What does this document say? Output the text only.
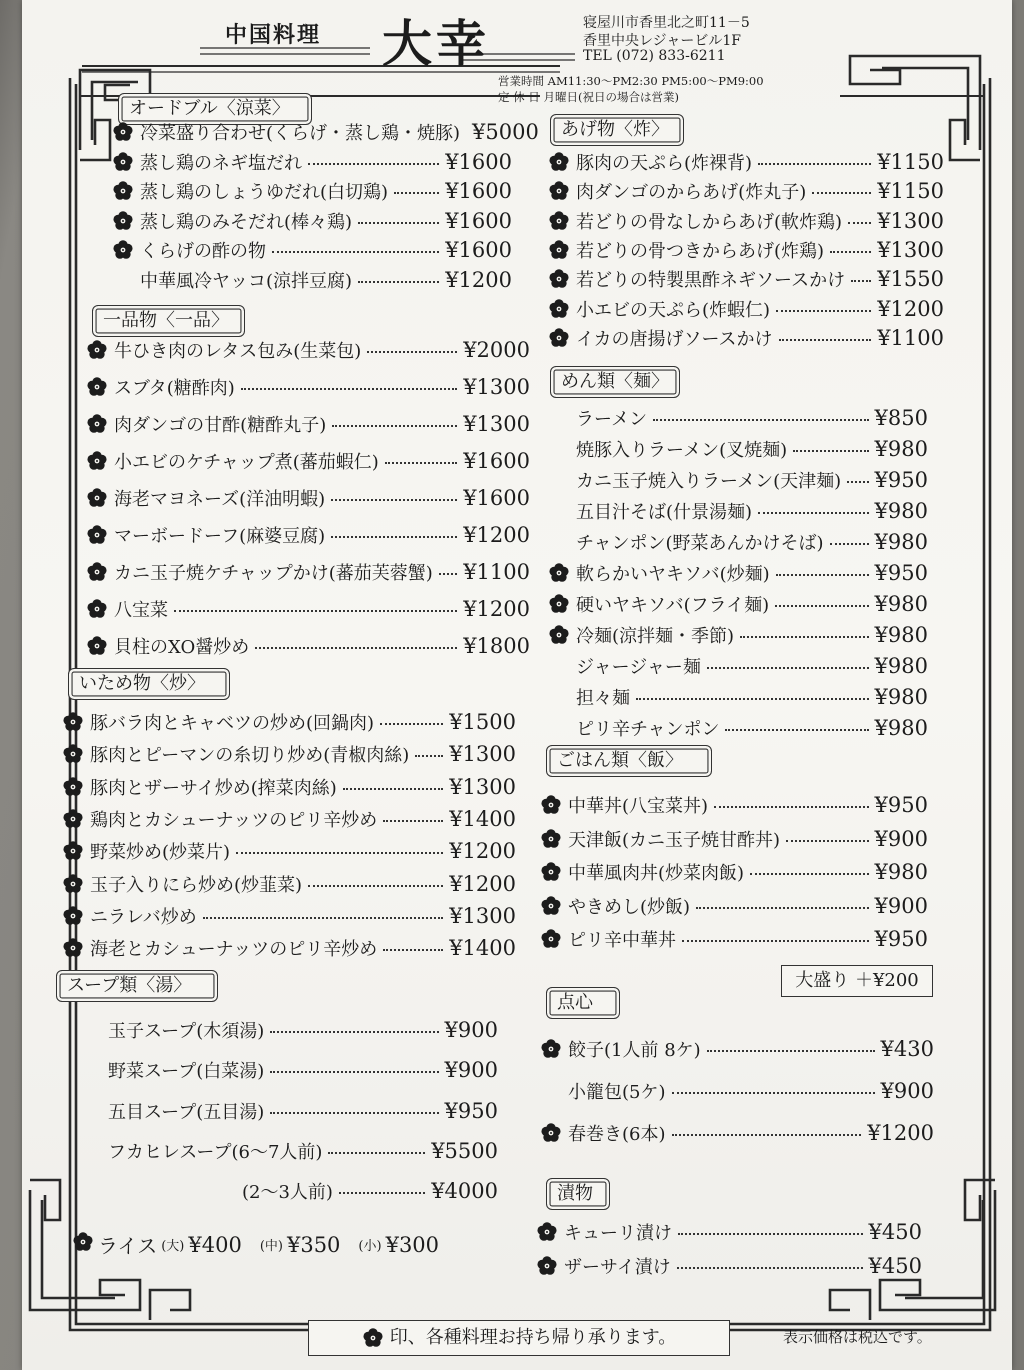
中国料理 大幸	寝屋川市香里北之町11－5
香里中央レジャービル1F
TEL (072) 833-6211
営業時間 AM11:30〜PM2:30 PM5:00〜PM9:00
定 休 日 月曜日(祝日の場合は営業)
オードブル〈涼菜〉
冷菜盛り合わせ(くらげ・蒸し鶏・焼豚) ¥5000
蒸し鶏のネギ塩だれ	¥1600
蒸し鶏のしょうゆだれ(白切鶏)	¥1600
蒸し鶏のみそだれ(棒々鶏)	¥1600
くらげの酢の物	¥1600
中華風冷ヤッコ(涼拌豆腐)	¥1200
一品物〈一品〉
牛ひき肉のレタス包み(生菜包)	¥2000
スブタ(糖酢肉)	¥1300
肉ダンゴの甘酢(糖酢丸子)	¥1300
小エビのケチャップ煮(蕃茄蝦仁)	¥1600
海老マヨネーズ(洋油明蝦)	¥1600
マーボードーフ(麻婆豆腐)	¥1200
カニ玉子焼ケチャップかけ(蕃茄芙蓉蟹) ¥1100
八宝菜	¥1200
貝柱のXO醤炒め	¥1800
いため物〈炒〉
豚バラ肉とキャベツの炒め(回鍋肉)	¥1500
豚肉とピーマンの糸切り炒め(青椒肉絲) ¥1300
豚肉とザーサイ炒め(搾菜肉絲)	¥1300
鶏肉とカシューナッツのピリ辛炒め	¥1400
野菜炒め(炒菜片)	¥1200
玉子入りにら炒め(炒韮菜)	¥1200
ニラレバ炒め	¥1300
海老とカシューナッツのピリ辛炒め	¥1400
スープ類〈湯〉
玉子スープ(木須湯)	¥900
野菜スープ(白菜湯)	¥900
五目スープ(五目湯)	¥950
フカヒレスープ(6〜7人前)	¥5500
(2〜3人前)	¥4000
あげ物〈炸〉
豚肉の天ぷら(炸裸背)	¥1150
肉ダンゴのからあげ(炸丸子)	¥1150
若どりの骨なしからあげ(軟炸鶏) ¥1300
若どりの骨つきからあげ(炸鶏)	¥1300
若どりの特製黒酢ネギソースかけ ¥1550
小エビの天ぷら(炸蝦仁)	¥1200
イカの唐揚げソースかけ	¥1100
めん類〈麺〉
ラーメン	¥850
焼豚入りラーメン(叉焼麺)	¥980
カニ玉子焼入りラーメン(天津麺) ¥950
五目汁そば(什景湯麺)	¥980
チャンポン(野菜あんかけそば) ¥980
軟らかいヤキソバ(炒麺)	¥950
硬いヤキソバ(フライ麺)	¥980
冷麺(涼拌麺・季節)	¥980
ジャージャー麺	¥980
担々麺	¥980
ピリ辛チャンポン	¥980
ごはん類〈飯〉
中華丼(八宝菜丼)	¥950
天津飯(カニ玉子焼甘酢丼)	¥900
中華風肉丼(炒菜肉飯)	¥980
やきめし(炒飯)	¥900
ピリ辛中華丼	¥950
点心
餃子(1人前 8ケ)	¥430
小籠包(5ケ)	¥900
春巻き(6本)	¥1200
漬物
キューリ漬け	¥450
ザーサイ漬け	¥450
ライス (大) ¥400 (中) ¥350 (小) ¥300
大盛り ＋¥200
印、各種料理お持ち帰り承ります。	表示価格は税込です。
